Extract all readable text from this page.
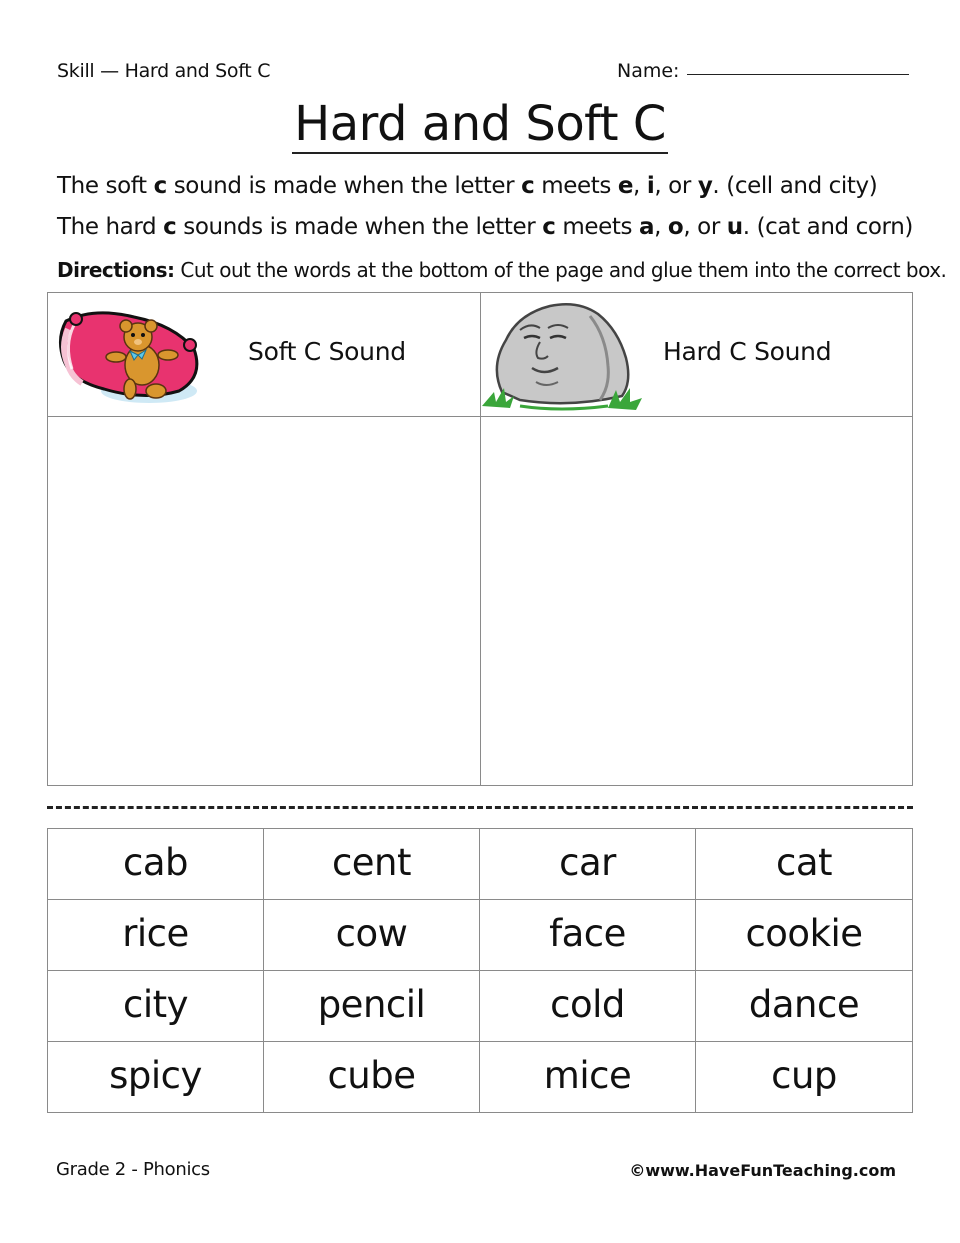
Skill — Hard and Soft C	Name:
Hard and Soft C
The soft c sound is made when the letter c meets e, i, or y. (cell and city)
The hard c sounds is made when the letter c meets a, o, or u. (cat and corn)
Directions: Cut out the words at the bottom of the page and glue them into the correct box.
Soft C Sound	Hard C Sound
cab	cent	car	cat
rice	cow	face	cookie
city	pencil	cold	dance
spicy	cube	mice	cup
Grade 2 - Phonics	©www.HaveFunTeaching.com
